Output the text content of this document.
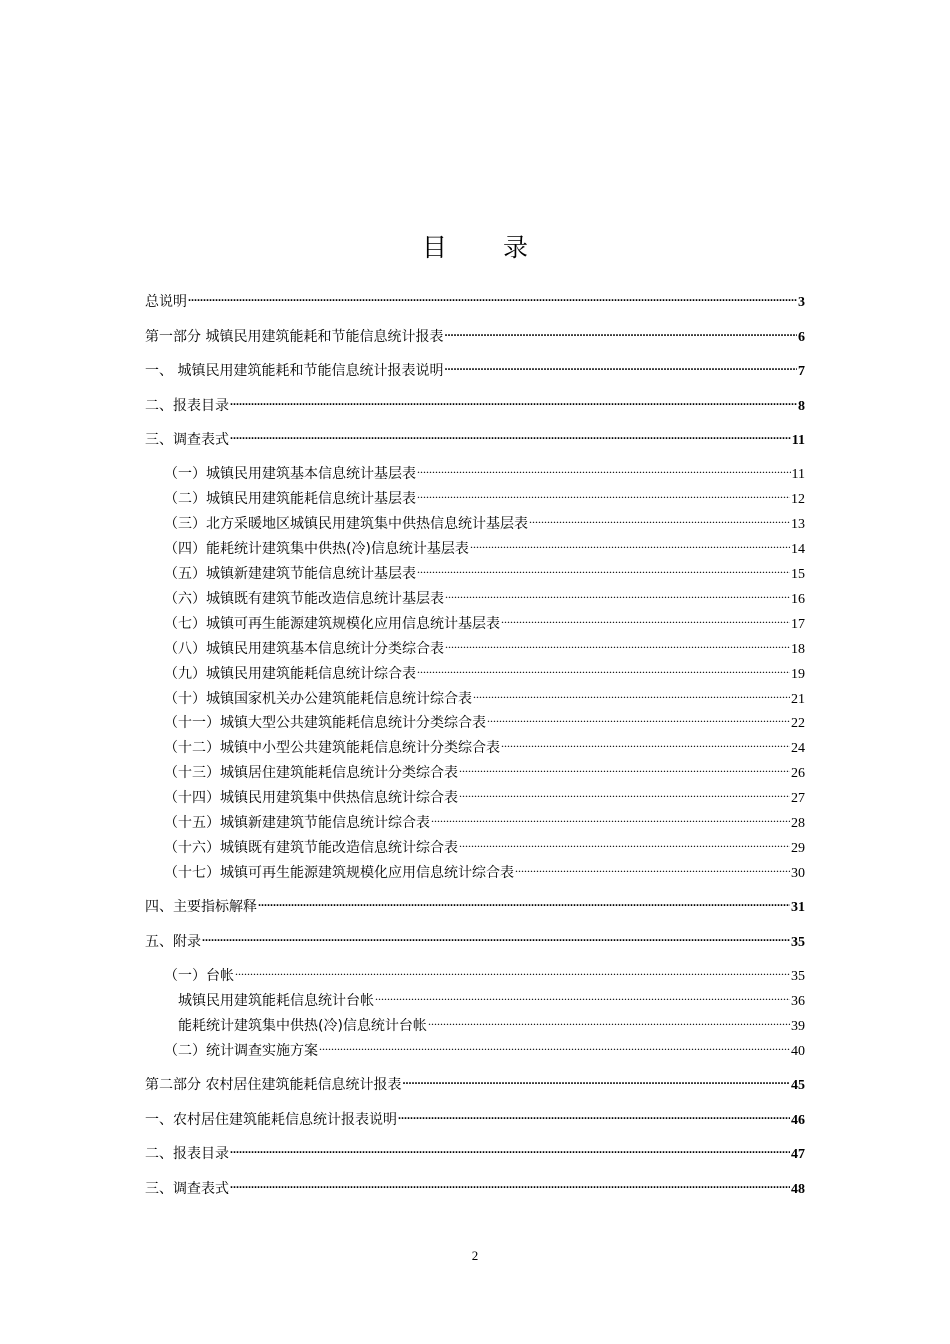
目 录
总说明 .....	3
第一部分 城镇民用建筑能耗和节能信息统计报表 .....	6
一、 城镇民用建筑能耗和节能信息统计报表说明 .....	7
二、报表目录 .....	8
三、调查表式 .....	11
（一）城镇民用建筑基本信息统计基层表 .....	11
（二）城镇民用建筑能耗信息统计基层表 .....	12
（三）北方采暖地区城镇民用建筑集中供热信息统计基层表 .....	13
（四）能耗统计建筑集中供热(冷)信息统计基层表 .....	14
（五）城镇新建建筑节能信息统计基层表 .....	15
（六）城镇既有建筑节能改造信息统计基层表 .....	16
（七）城镇可再生能源建筑规模化应用信息统计基层表 .....	17
（八）城镇民用建筑基本信息统计分类综合表 .....	18
（九）城镇民用建筑能耗信息统计综合表 .....	19
（十）城镇国家机关办公建筑能耗信息统计综合表 .....	21
（十一）城镇大型公共建筑能耗信息统计分类综合表 .....	22
（十二）城镇中小型公共建筑能耗信息统计分类综合表 .....	24
（十三）城镇居住建筑能耗信息统计分类综合表 .....	26
（十四）城镇民用建筑集中供热信息统计综合表 .....	27
（十五）城镇新建建筑节能信息统计综合表 .....	28
（十六）城镇既有建筑节能改造信息统计综合表 .....	29
（十七）城镇可再生能源建筑规模化应用信息统计综合表 .....	30
四、主要指标解释 .....	31
五、附录 .....	35
（一）台帐 .....	35
城镇民用建筑能耗信息统计台帐 .....	36
能耗统计建筑集中供热(冷)信息统计台帐 .....	39
（二）统计调查实施方案 .....	40
第二部分 农村居住建筑能耗信息统计报表 .....	45
一、农村居住建筑能耗信息统计报表说明 .....	46
二、报表目录 .....	47
三、调查表式 .....	48
2
